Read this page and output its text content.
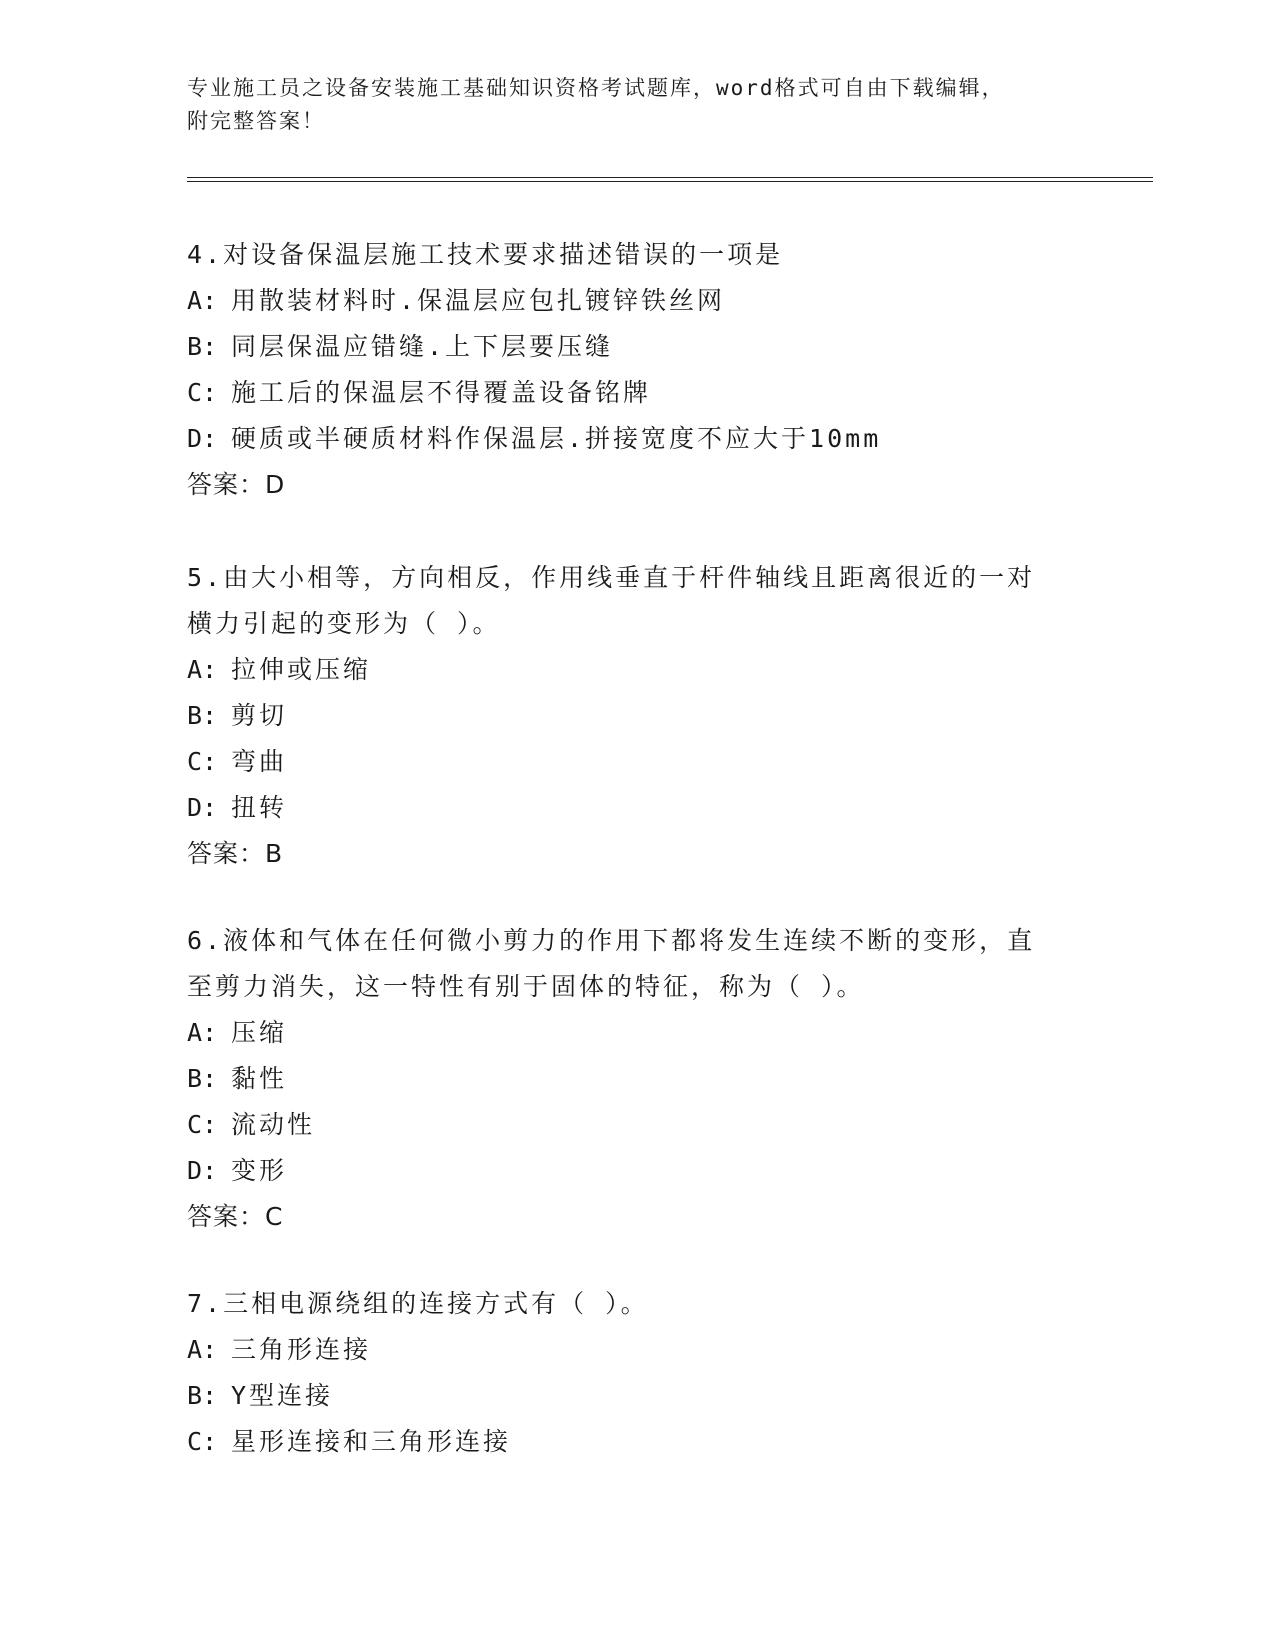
专业施工员之设备安装施工基础知识资格考试题库，word格式可自由下载编辑，
附完整答案！
4.对设备保温层施工技术要求描述错误的一项是
A: 用散装材料时.保温层应包扎镀锌铁丝网
B: 同层保温应错缝.上下层要压缝
C: 施工后的保温层不得覆盖设备铭牌
D: 硬质或半硬质材料作保温层.拼接宽度不应大于10mm
答案：D
5.由大小相等，方向相反，作用线垂直于杆件轴线且距离很近的一对
横力引起的变形为（ ）。
A: 拉伸或压缩
B: 剪切
C: 弯曲
D: 扭转
答案：B
6.液体和气体在任何微小剪力的作用下都将发生连续不断的变形，直
至剪力消失，这一特性有别于固体的特征，称为（ ）。
A: 压缩
B: 黏性
C: 流动性
D: 变形
答案：C
7.三相电源绕组的连接方式有（ ）。
A: 三角形连接
B: Y型连接
C: 星形连接和三角形连接
